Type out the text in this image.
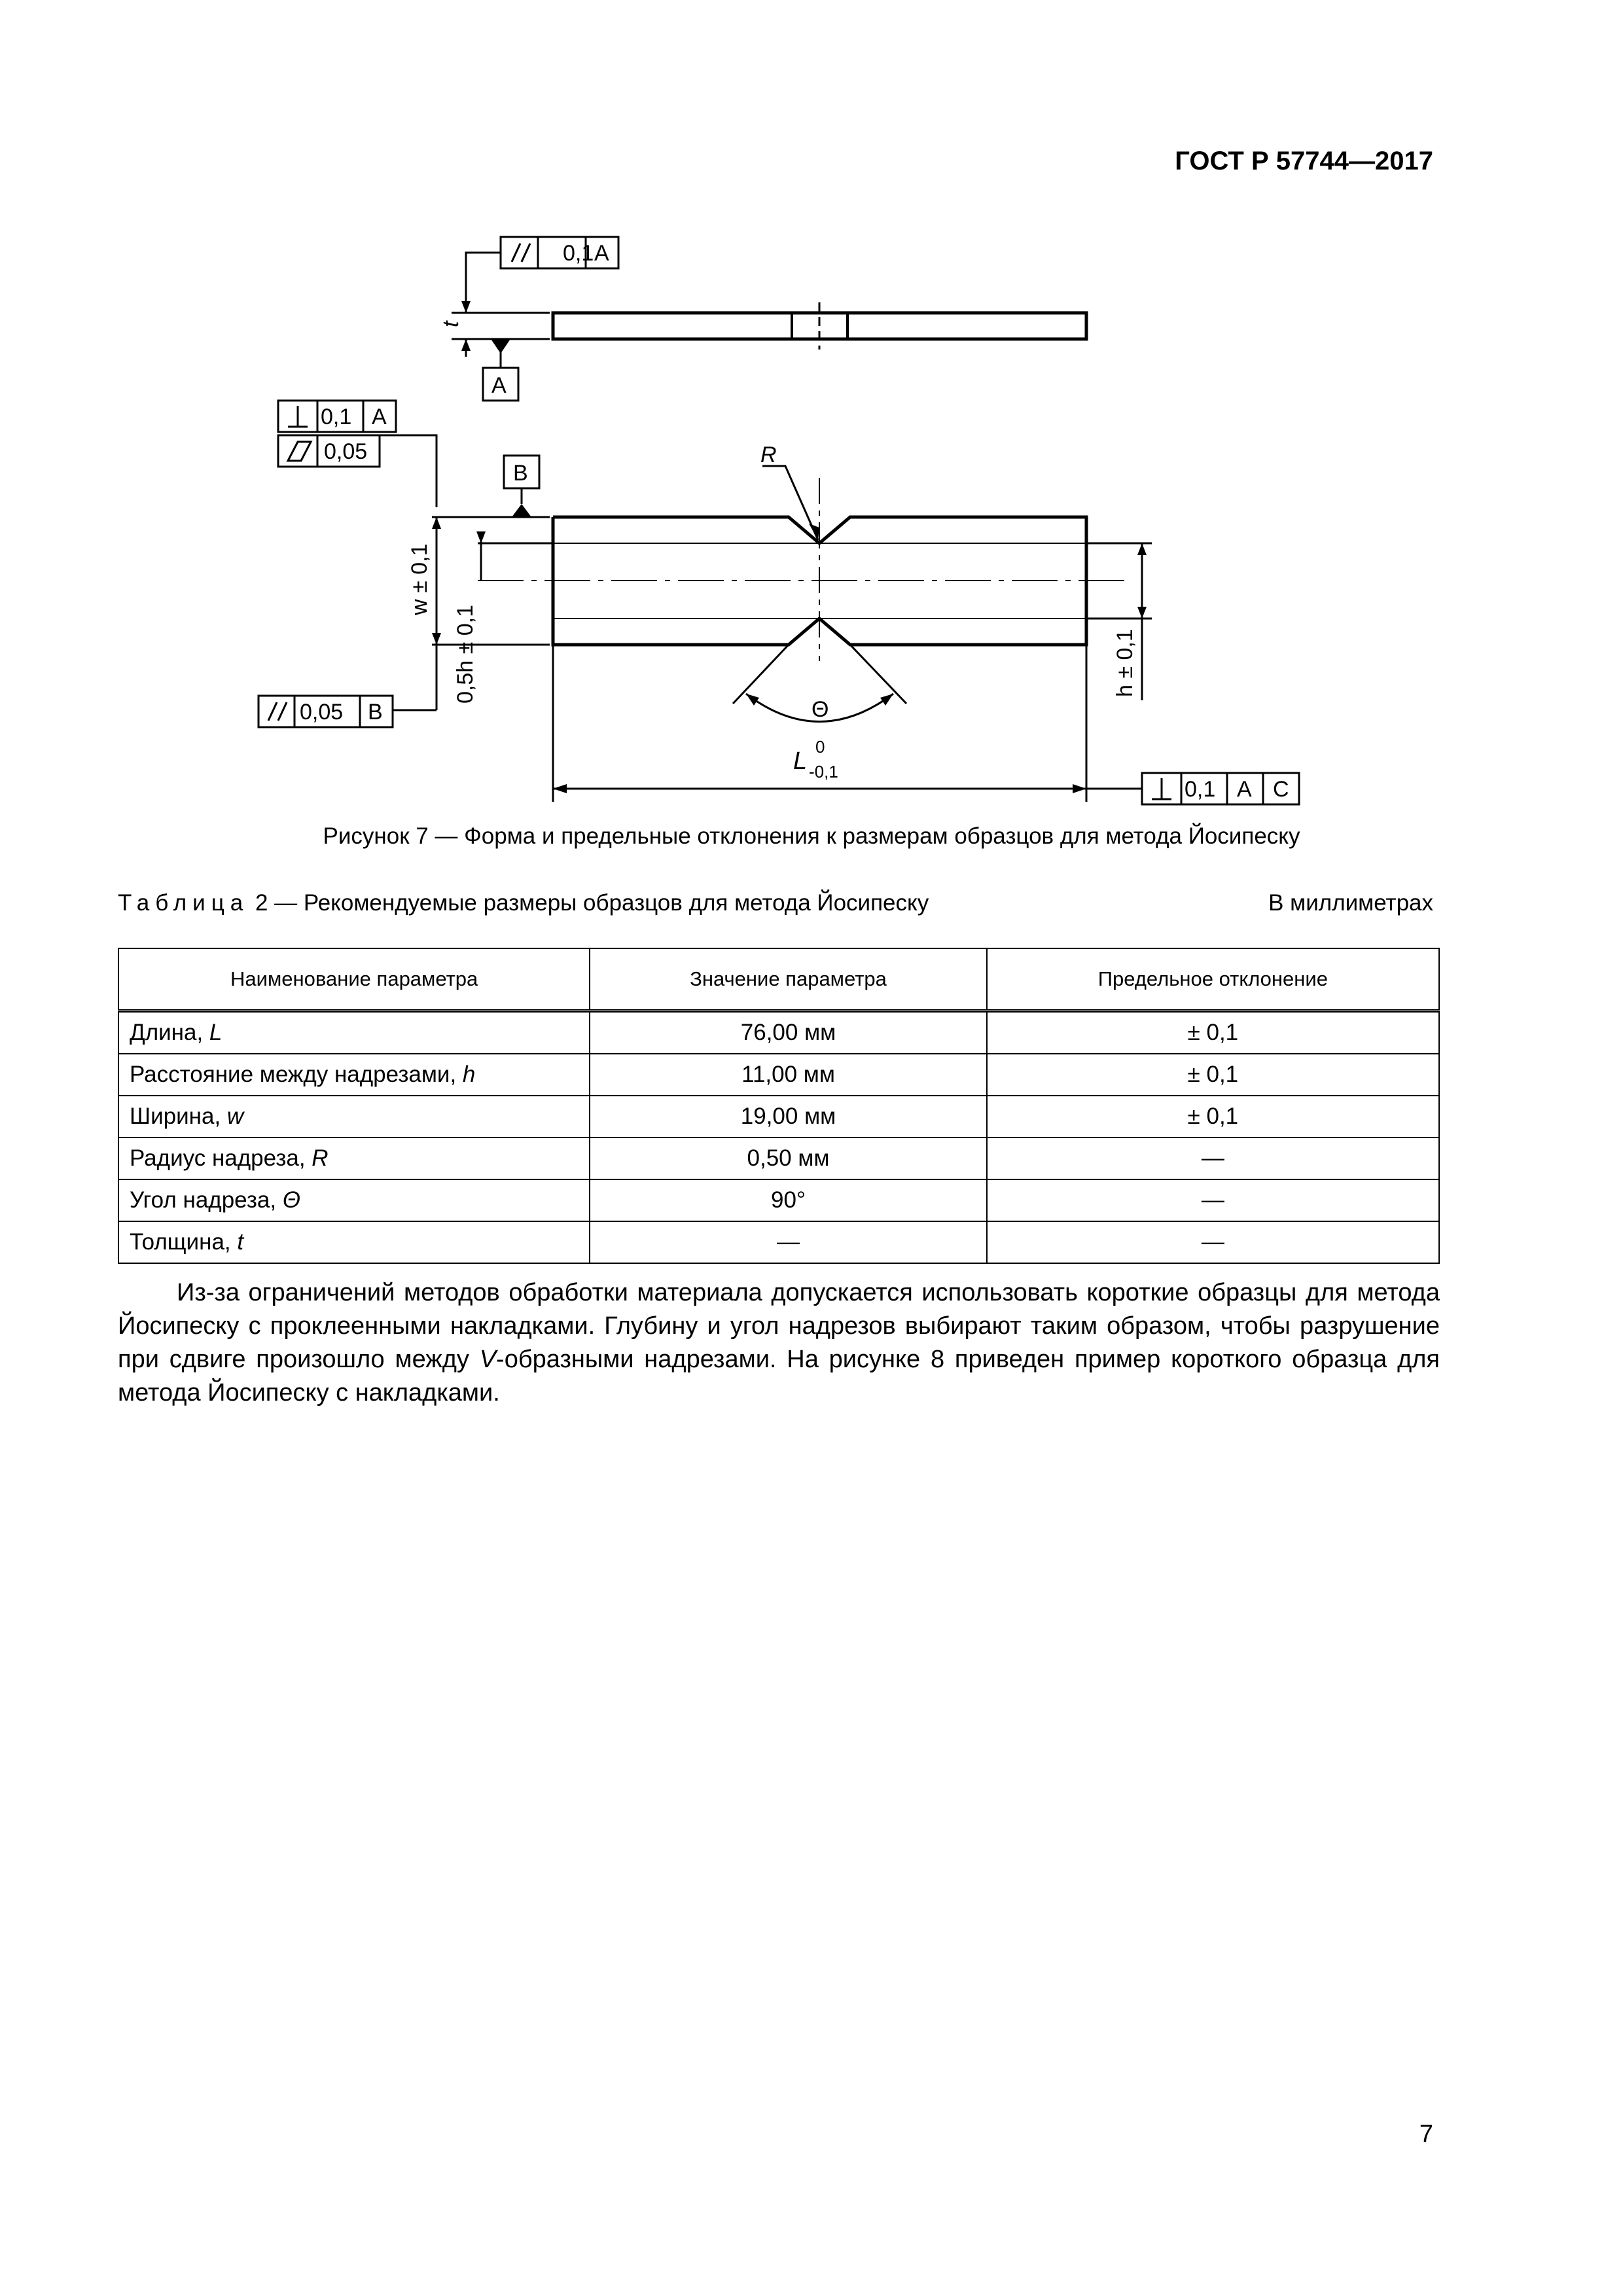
ГОСТ Р 57744—2017
0,1 A
t
A
0,1 A
0,05
B
R
w ± 0,1
0,5h ± 0,1
0,05 B	Θ
h ± 0,1
L
0
-0,1
0,1 A C
Рисунок 7 — Форма и предельные отклонения к размерам образцов для метода Йосипеску
Таблица 2 — Рекомендуемые размеры образцов для метода Йосипеску	В миллиметрах
Наименование параметра	Значение параметра	Предельное отклонение
Длина, L	76,00 мм	± 0,1
Расстояние между надрезами, h	11,00 мм	± 0,1
Ширина, w	19,00 мм	± 0,1
Радиус надреза, R	0,50 мм	—
Угол надреза, Θ	90°	—
Толщина, t	—	—
Из-за ограничений методов обработки материала допускается использовать короткие образцы для метода Йосипеску с проклеенными накладками. Глубину и угол надрезов выбирают таким образом, чтобы разрушение при сдвиге произошло между V-образными надрезами. На рисунке 8 приведен пример короткого образца для метода Йосипеску с накладками.
7
